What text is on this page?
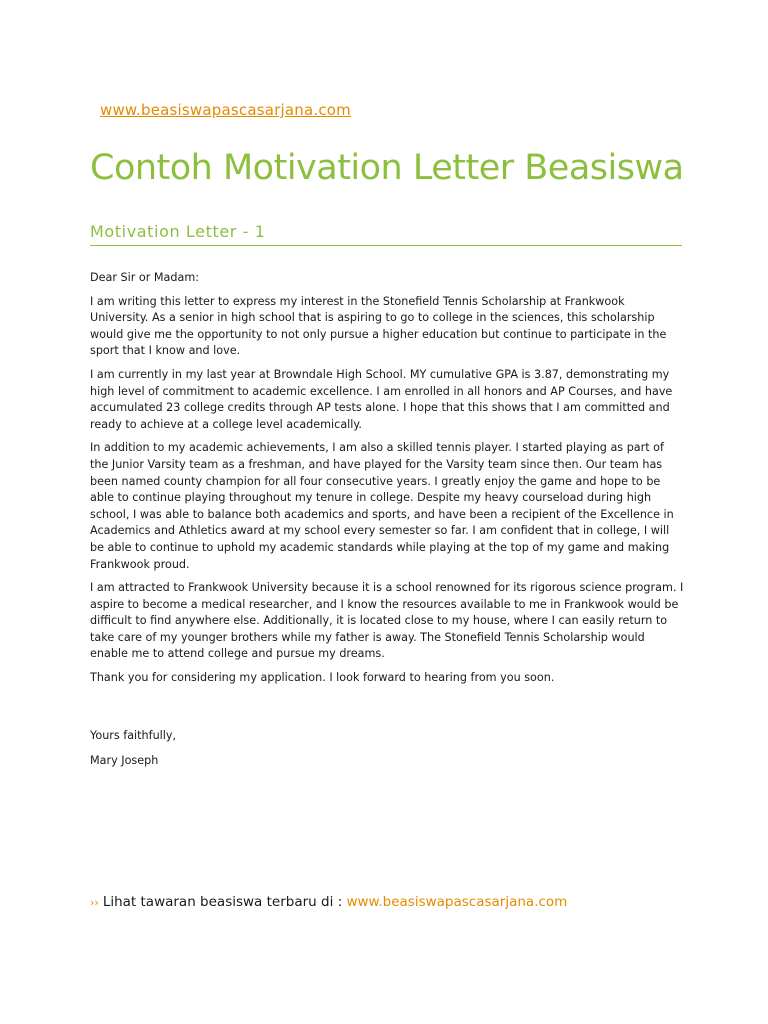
www.beasiswapascasarjana.com
Contoh Motivation Letter Beasiswa
Motivation Letter - 1

Dear Sir or Madam:

I am writing this letter to express my interest in the Stonefield Tennis Scholarship at Frankwook University. As a senior in high school that is aspiring to go to college in the sciences, this scholarship would give me the opportunity to not only pursue a higher education but continue to participate in the sport that I know and love.

I am currently in my last year at Browndale High School. MY cumulative GPA is 3.87, demonstrating my high level of commitment to academic excellence. I am enrolled in all honors and AP Courses, and have accumulated 23 college credits through AP tests alone. I hope that this shows that I am committed and ready to achieve at a college level academically.

In addition to my academic achievements, I am also a skilled tennis player. I started playing as part of the Junior Varsity team as a freshman, and have played for the Varsity team since then. Our team has been named county champion for all four consecutive years. I greatly enjoy the game and hope to be able to continue playing throughout my tenure in college. Despite my heavy courseload during high school, I was able to balance both academics and sports, and have been a recipient of the Excellence in Academics and Athletics award at my school every semester so far. I am confident that in college, I will be able to continue to uphold my academic standards while playing at the top of my game and making Frankwook proud.

I am attracted to Frankwook University because it is a school renowned for its rigorous science program. I aspire to become a medical researcher, and I know the resources available to me in Frankwook would be difficult to find anywhere else. Additionally, it is located close to my house, where I can easily return to take care of my younger brothers while my father is away. The Stonefield Tennis Scholarship would enable me to attend college and pursue my dreams.

Thank you for considering my application. I look forward to hearing from you soon.

Yours faithfully,
Mary Joseph
›› Lihat tawaran beasiswa terbaru di : www.beasiswapascasarjana.com
